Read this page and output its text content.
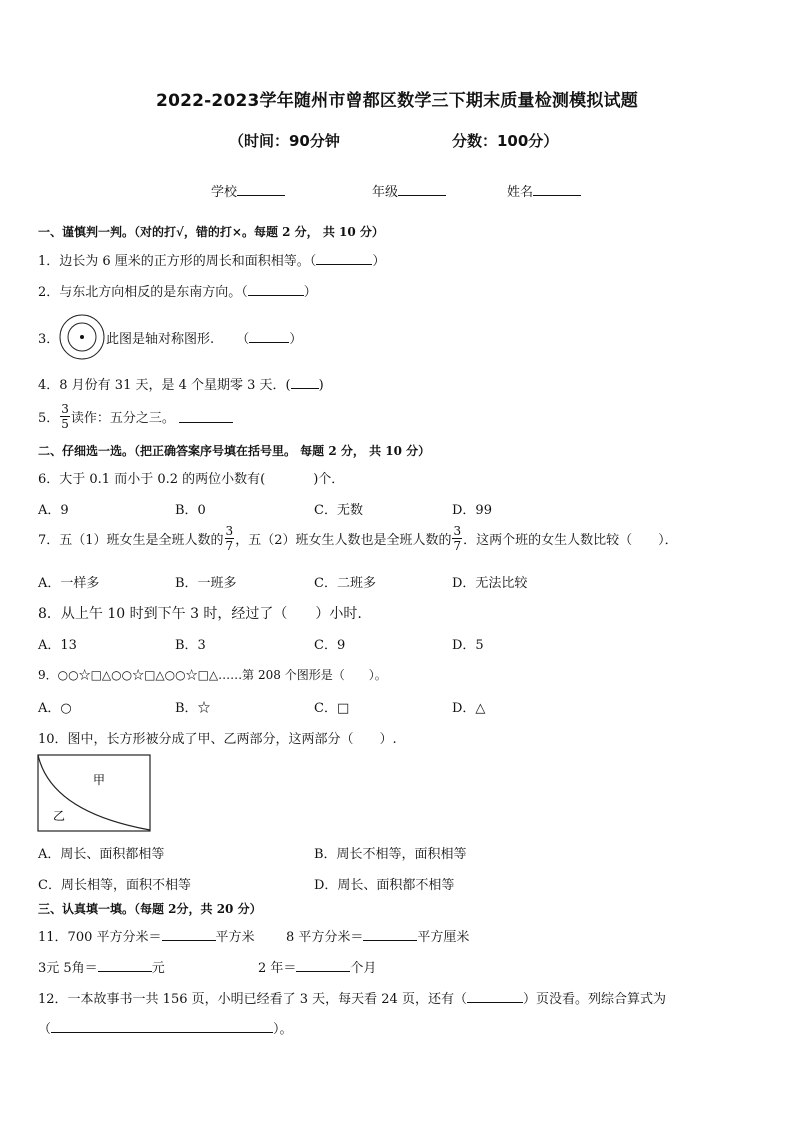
2022-2023学年随州市曾都区数学三下期末质量检测模拟试题
（时间：90分钟	分数：100分）
学校	年级	姓名
一、谨慎判一判。（对的打√，错的打×。每题 2 分， 共 10 分）
1．边长为 6 厘米的正方形的周长和面积相等。（	）
2．与东北方向相反的是东南方向。（	）
3．	此图是轴对称图形. （	）
4．8 月份有 31 天，是 4 个星期零 3 天．( )
5． $\frac{3}{5}$ 读作：五分之三。
二、仔细选一选。（把正确答案序号填在括号里。 每题 2 分， 共 10 分）
6．大于 0.1 而小于 0.2 的两位小数有(	)个．
A．9	B．0	C．无数	D．99
7．五（1）班女生是全班人数的 $\frac{3}{7}$ ，五（2）班女生人数也是全班人数的 $\frac{3}{7}$ ．这两个班的女生人数比较（　　）．
A．一样多	B．一班多	C．二班多	D．无法比较
8．从上午 10 时到下午 3 时，经过了（　　）小时.
A．13	B．3	C．9	D．5
9．○○☆□△○○☆□△○○☆□△……第 208 个图形是（　　）。
A．○	B．☆	C．□	D．△
10．图中，长方形被分成了甲、乙两部分，这两部分（　　）.
甲
乙
A．周长、面积都相等	B．周长不相等，面积相等
C．周长相等，面积不相等	D．周长、面积都不相等
三、认真填一填。（每题 2分，共 20 分）
11．700 平方分米＝	平方米 8 平方分米＝	平方厘米
3元 5角＝	元	2 年＝	个月
12．一本故事书一共 156 页，小明已经看了 3 天，每天看 24 页，还有（	）页没看。列综合算式为
（	）。
